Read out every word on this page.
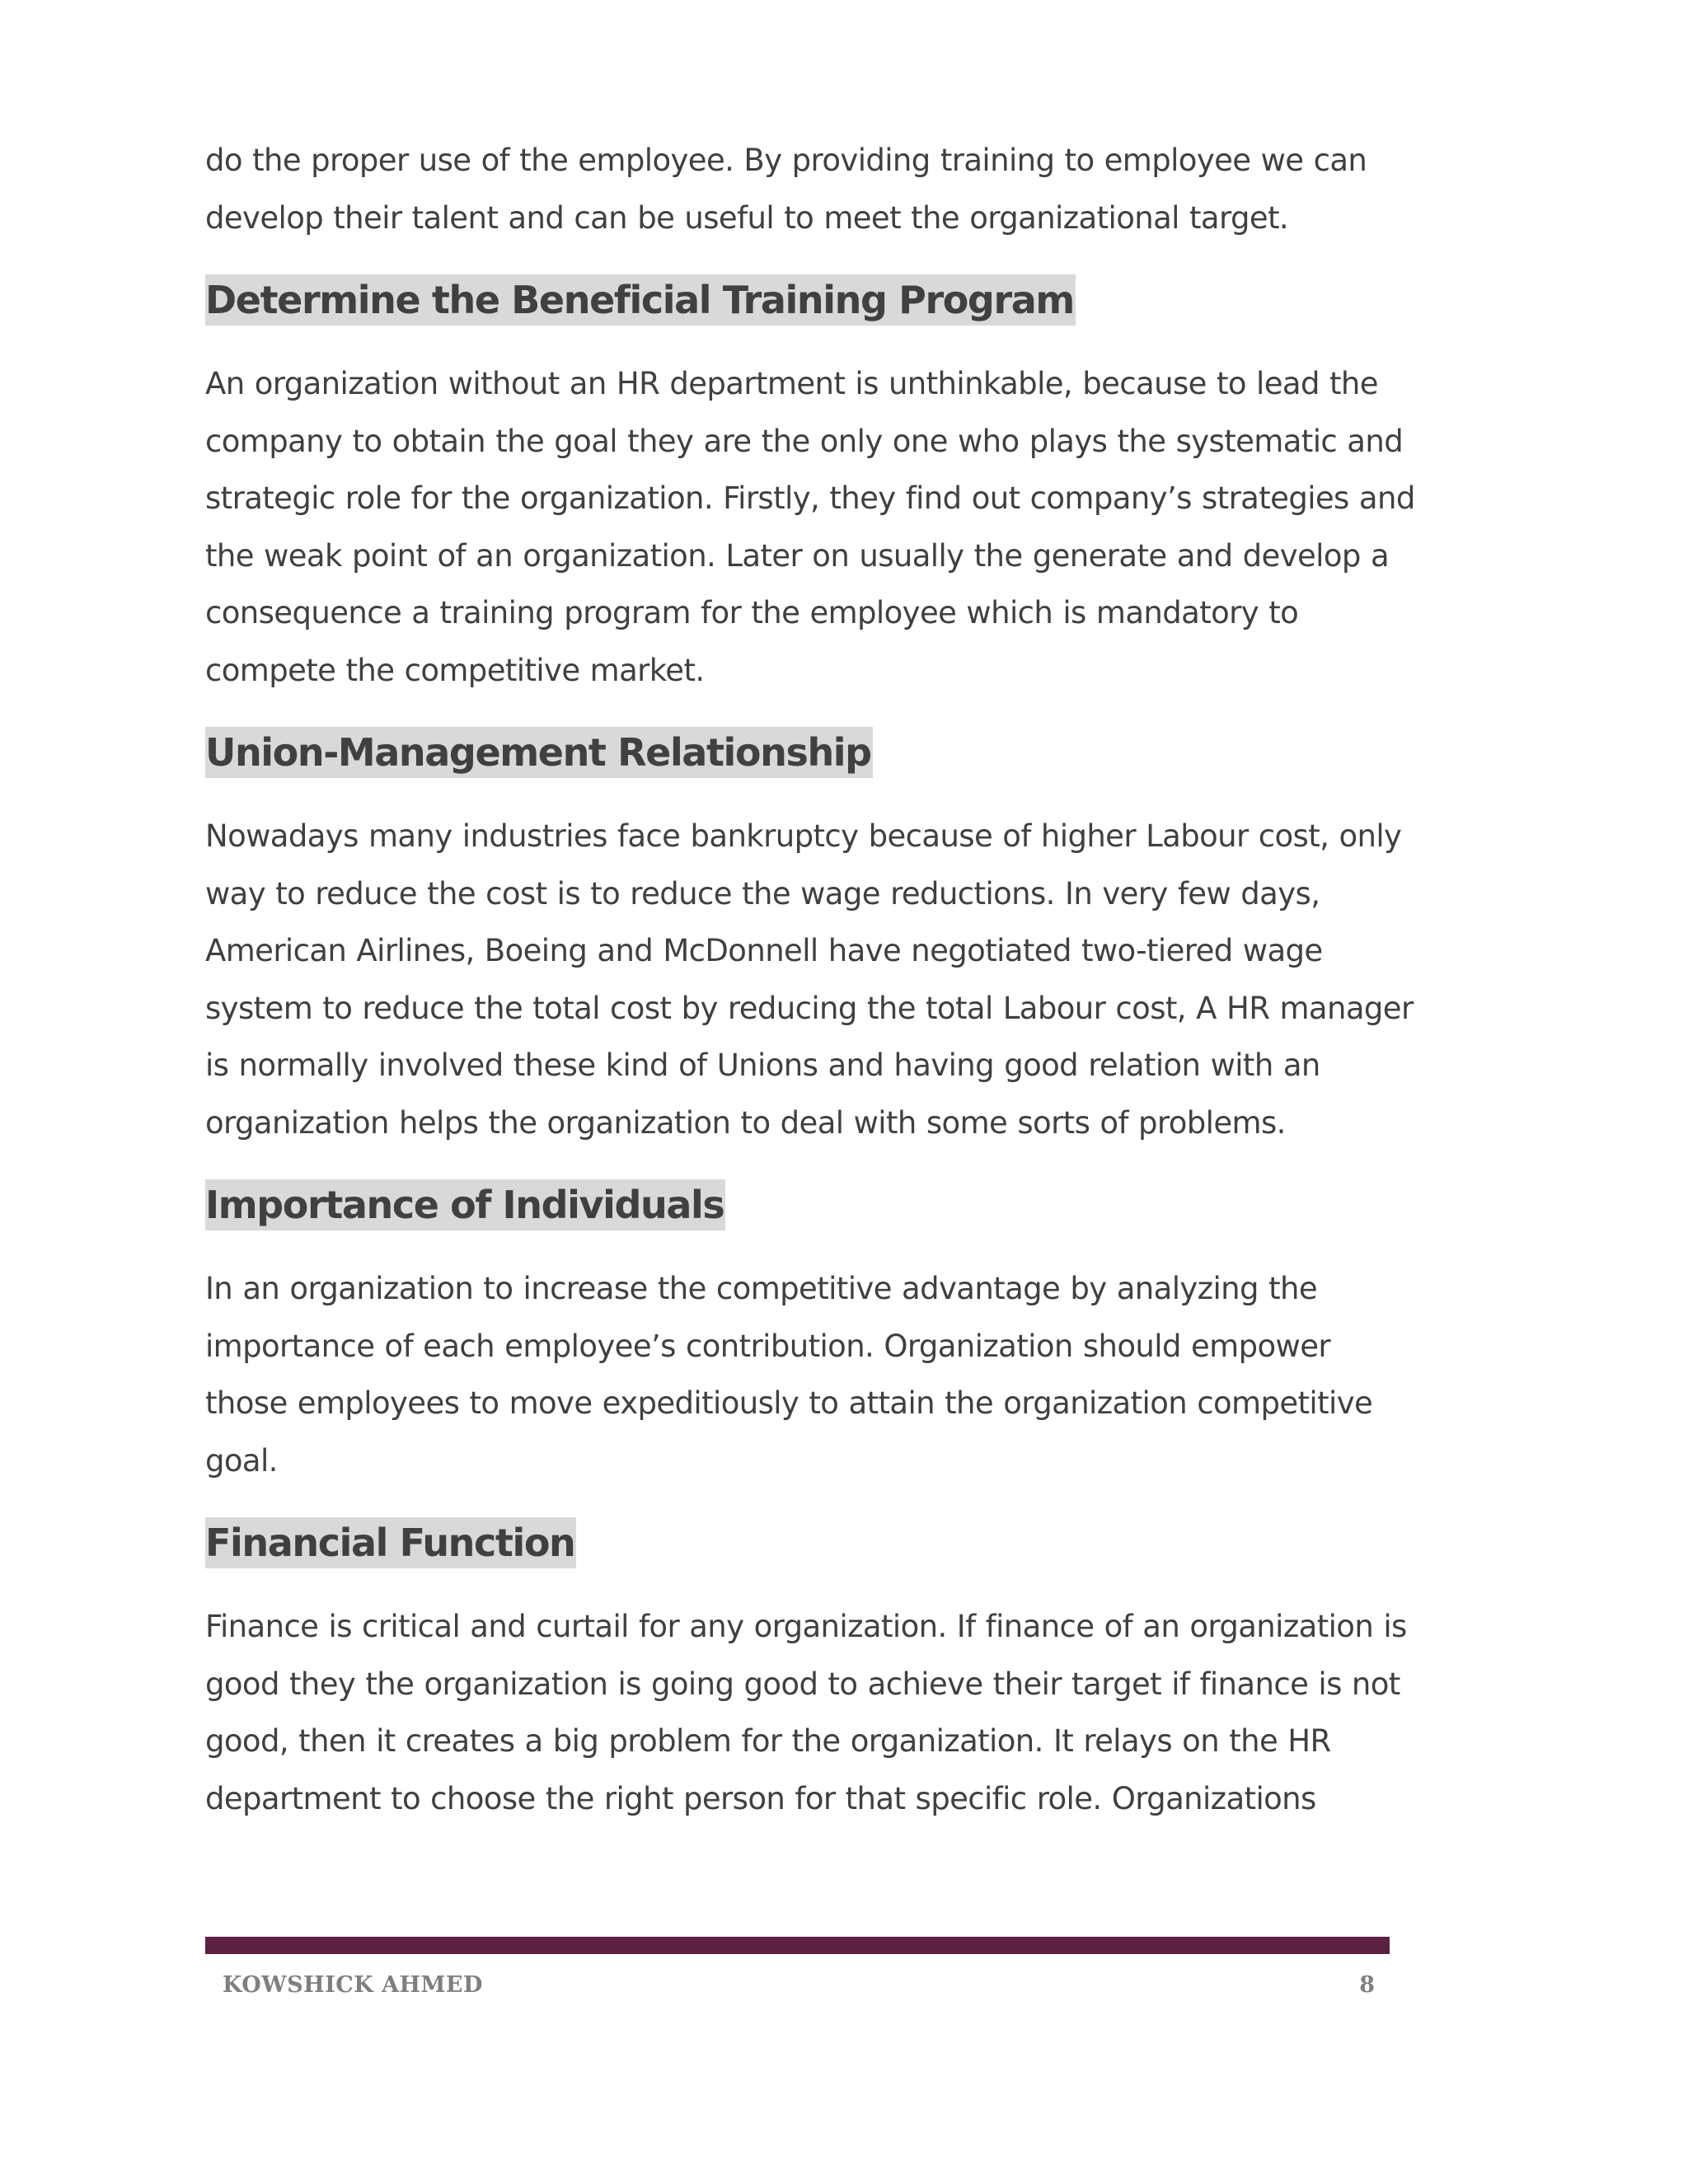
do the proper use of the employee. By providing training to employee we can
develop their talent and can be useful to meet the organizational target.

Determine the Beneficial Training Program

An organization without an HR department is unthinkable, because to lead the
company to obtain the goal they are the only one who plays the systematic and
strategic role for the organization. Firstly, they find out company’s strategies and
the weak point of an organization. Later on usually the generate and develop a
consequence a training program for the employee which is mandatory to
compete the competitive market.

Union-Management Relationship

Nowadays many industries face bankruptcy because of higher Labour cost, only
way to reduce the cost is to reduce the wage reductions. In very few days,
American Airlines, Boeing and McDonnell have negotiated two-tiered wage
system to reduce the total cost by reducing the total Labour cost, A HR manager
is normally involved these kind of Unions and having good relation with an
organization helps the organization to deal with some sorts of problems.

Importance of Individuals

In an organization to increase the competitive advantage by analyzing the
importance of each employee’s contribution. Organization should empower
those employees to move expeditiously to attain the organization competitive
goal.

Financial Function

Finance is critical and curtail for any organization. If finance of an organization is
good they the organization is going good to achieve their target if finance is not
good, then it creates a big problem for the organization. It relays on the HR
department to choose the right person for that specific role. Organizations

KOWSHICK AHMED	8
